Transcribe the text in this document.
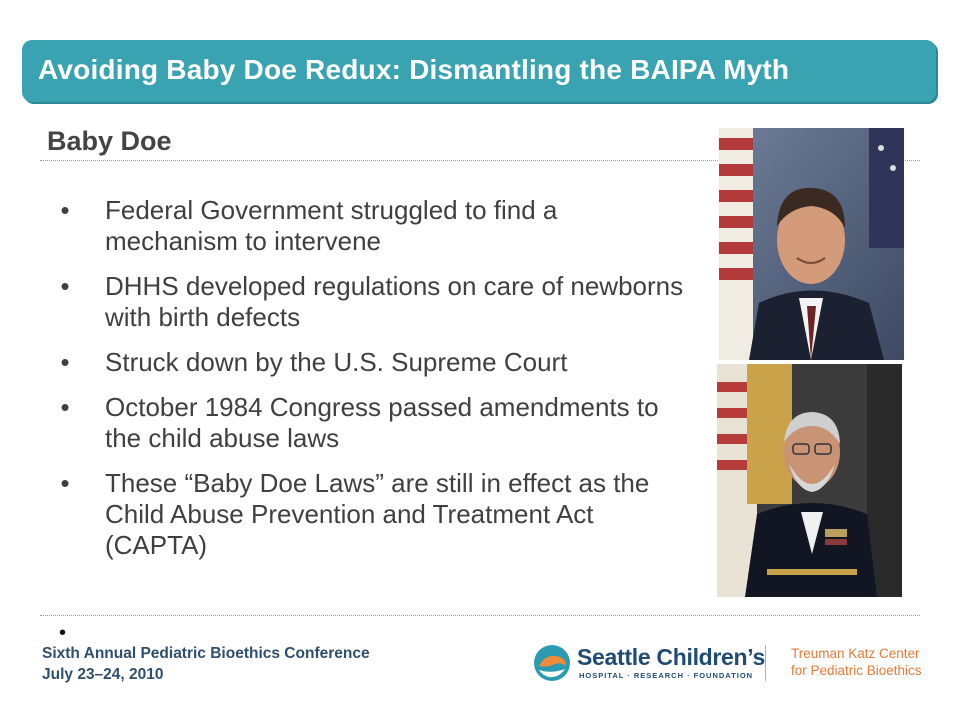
Avoiding Baby Doe Redux: Dismantling the BAIPA Myth
Baby Doe
• Federal Government struggled to find a mechanism to intervene
• DHHS developed regulations on care of newborns with birth defects
• Struck down by the U.S. Supreme Court
• October 1984 Congress passed amendments to the child abuse laws
• These “Baby Doe Laws” are still in effect as the Child Abuse Prevention and Treatment Act (CAPTA)
•
Sixth Annual Pediatric Bioethics Conference
July 23–24, 2010
Seattle Children’s
HOSPITAL · RESEARCH · FOUNDATION
Treuman Katz Center
for Pediatric Bioethics
